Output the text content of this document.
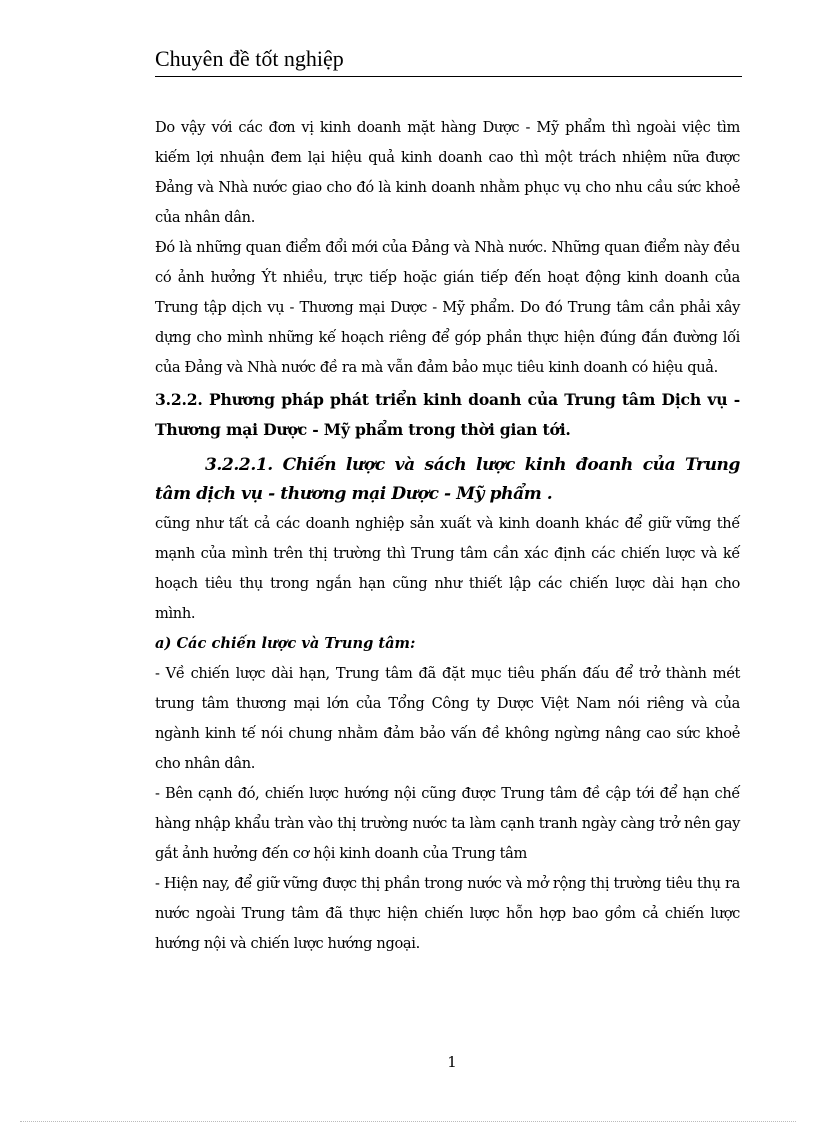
Chuyên đề tốt nghiệp

Do vậy với các đơn vị kinh doanh mặt hàng Dược - Mỹ phẩm thì ngoài việc tìm kiếm lợi nhuận đem lại hiệu quả kinh doanh cao thì một trách nhiệm nữa được Đảng và Nhà nước giao cho đó là kinh doanh nhằm phục vụ cho nhu cầu sức khoẻ của nhân dân.

Đó là những quan điểm đổi mới của Đảng và Nhà nước. Những quan điểm này đều có ảnh hưởng Ýt nhiều, trực tiếp hoặc gián tiếp đến hoạt động kinh doanh của Trung tập dịch vụ - Thương mại Dược - Mỹ phẩm. Do đó Trung tâm cần phải xây dựng cho mình những kế hoạch riêng để góp phần thực hiện đúng đắn đường lối của Đảng và Nhà nước đề ra mà vẫn đảm bảo mục tiêu kinh doanh có hiệu quả.

3.2.2. Phương pháp phát triển kinh doanh của Trung tâm Dịch vụ - Thương mại Dược - Mỹ phẩm trong thời gian tới.

3.2.2.1. Chiến lược và sách lược kinh đoanh của Trung tâm dịch vụ - thương mại Dược - Mỹ phẩm .

cũng như tất cả các doanh nghiệp sản xuất và kinh doanh khác để giữ vững thế mạnh của mình trên thị trường thì Trung tâm cần xác định các chiến lược và kế hoạch tiêu thụ trong ngắn hạn cũng như thiết lập các chiến lược dài hạn cho mình.

a) Các chiến lược và Trung tâm:

- Về chiến lược dài hạn, Trung tâm đã đặt mục tiêu phấn đấu để trở thành mét trung tâm thương mại lớn của Tổng Công ty Dược Việt Nam nói riêng và của ngành kinh tế nói chung nhằm đảm bảo vấn đề không ngừng nâng cao sức khoẻ cho nhân dân.

- Bên cạnh đó, chiến lược hướng nội cũng được Trung tâm đề cập tới để hạn chế hàng nhập khẩu tràn vào thị trường nước ta làm cạnh tranh ngày càng trở nên gay gắt ảnh hưởng đến cơ hội kinh doanh của Trung tâm

- Hiện nay, để giữ vững được thị phần trong nước và mở rộng thị trường tiêu thụ ra nước ngoài Trung tâm đã thực hiện chiến lược hỗn hợp bao gồm cả chiến lược hướng nội và chiến lược hướng ngoại.

1
